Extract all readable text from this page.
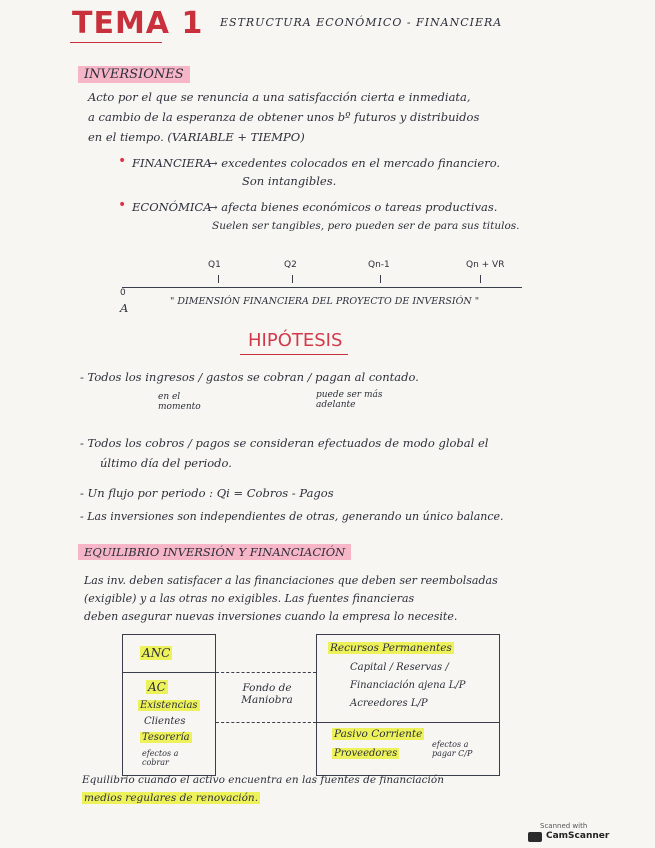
TEMA 1 ESTRUCTURA ECONÓMICO - FINANCIERA
INVERSIONES
Acto por el que se renuncia a una satisfacción cierta e inmediata,
a cambio de la esperanza de obtener unos bº futuros y distribuidos
en el tiempo. (VARIABLE + TIEMPO)
• FINANCIERA
→ excedentes colocados en el mercado financiero.
Son intangibles.
• ECONÓMICA
→ afecta bienes económicos o tareas productivas.
Suelen ser tangibles, pero pueden ser de para sus titulos.
0
A
Q1	Q2	Qn-1	Qn + VR
" DIMENSIÓN FINANCIERA DEL PROYECTO DE INVERSIÓN "
HIPÓTESIS
- Todos los ingresos / gastos se cobran / pagan al contado.
en el momento
puede ser más adelante
- Todos los cobros / pagos se consideran efectuados de modo global el
último día del periodo.
- Un flujo por periodo : Qi = Cobros - Pagos
- Las inversiones son independientes de otras, generando un único balance.
EQUILIBRIO INVERSIÓN Y FINANCIACIÓN
Las inv. deben satisfacer a las financiaciones que deben ser reembolsadas
(exigible) y a las otras no exigibles. Las fuentes financieras
deben asegurar nuevas inversiones cuando la empresa lo necesite.
ANC
AC
Existencias
Clientes
Tesorería
efectos a cobrar
Fondo de Maniobra
Recursos Permanentes
Capital / Reservas /
Financiación ajena L/P
Acreedores L/P
Pasivo Corriente
Proveedores
efectos a pagar C/P
Equilibrio cuando el activo encuentra en las fuentes de financiación
medios regulares de renovación.
Scanned with
CamScanner
